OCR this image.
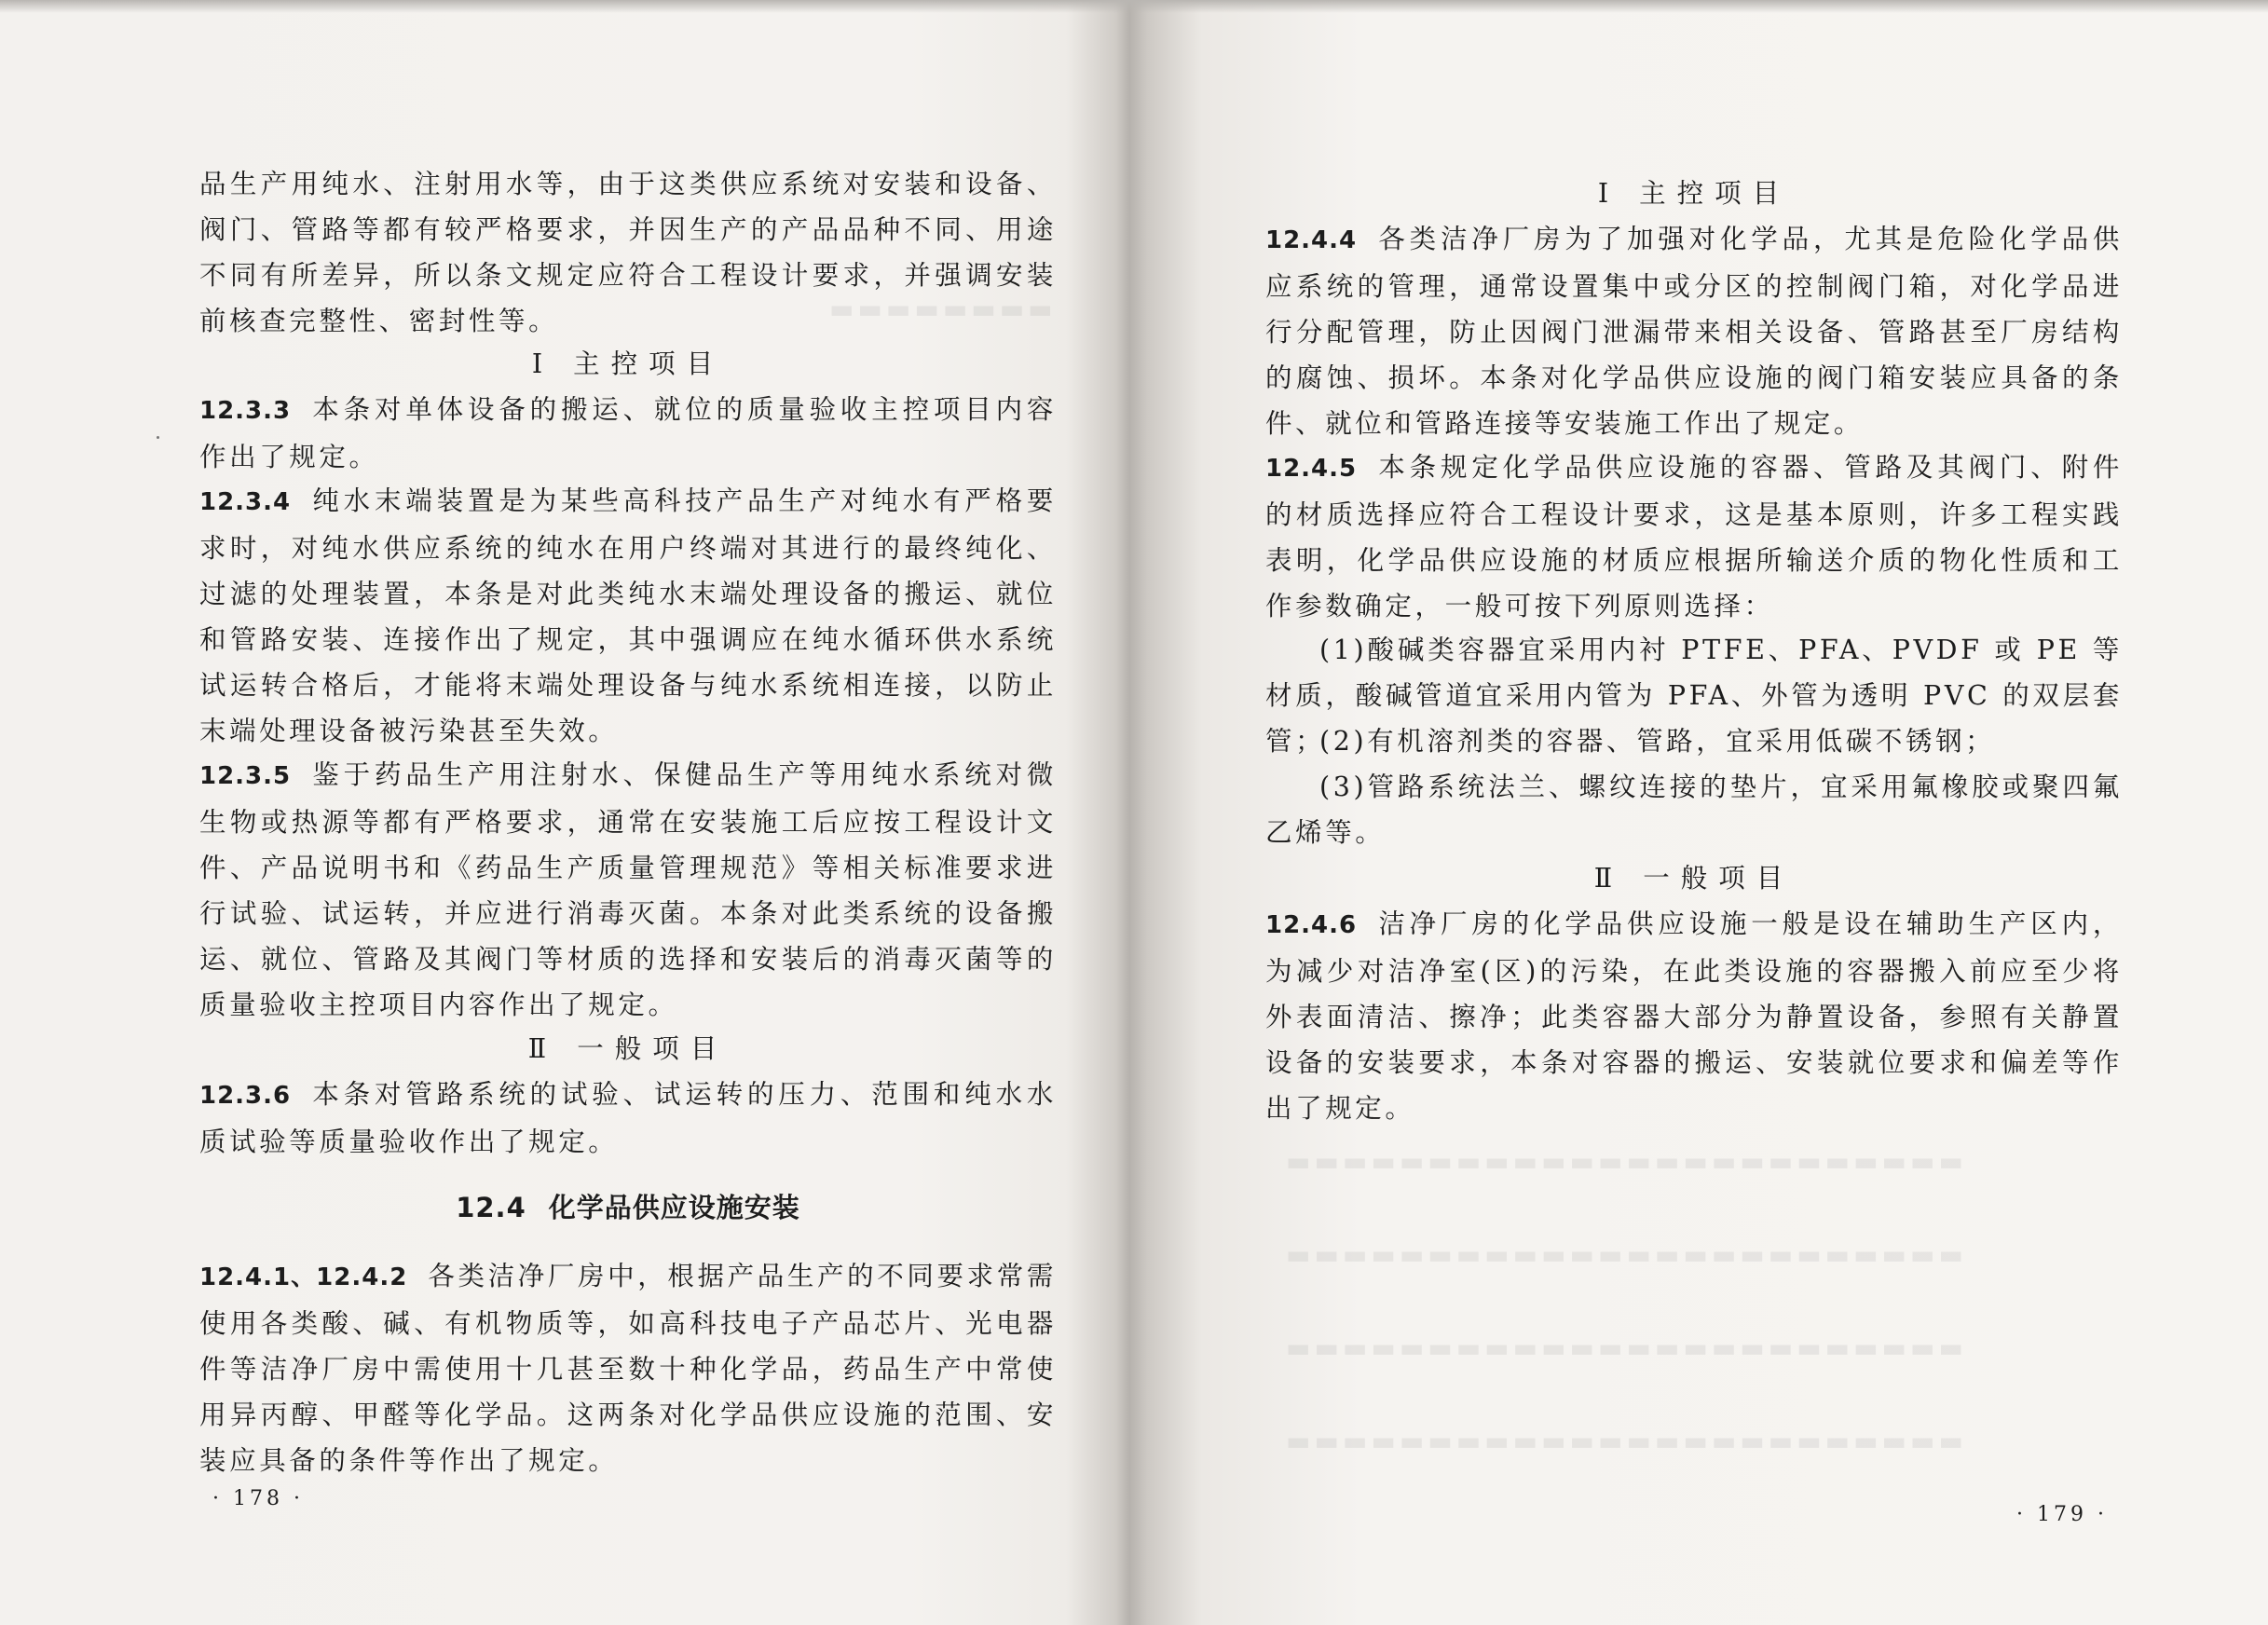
▬▬▬▬▬▬▬▬
▬▬▬▬▬▬▬▬▬▬▬▬▬▬▬▬▬▬▬▬▬▬▬▬
▬▬▬▬▬▬▬▬▬▬▬▬▬▬▬▬▬▬▬▬▬▬▬▬
▬▬▬▬▬▬▬▬▬▬▬▬▬▬▬▬▬▬▬▬▬▬▬▬
▬▬▬▬▬▬▬▬▬▬▬▬▬▬▬▬▬▬▬▬▬▬▬▬

品生产用纯水、注射用水等，由于这类供应系统对安装和设备、阀门、管路等都有较严格要求，并因生产的产品品种不同、用途不同有所差异，所以条文规定应符合工程设计要求，并强调安装前核查完整性、密封性等。

Ⅰ 主控项目

12.3.3 本条对单体设备的搬运、就位的质量验收主控项目内容作出了规定。

12.3.4 纯水末端装置是为某些高科技产品生产对纯水有严格要求时，对纯水供应系统的纯水在用户终端对其进行的最终纯化、过滤的处理装置，本条是对此类纯水末端处理设备的搬运、就位和管路安装、连接作出了规定，其中强调应在纯水循环供水系统试运转合格后，才能将末端处理设备与纯水系统相连接，以防止末端处理设备被污染甚至失效。

12.3.5 鉴于药品生产用注射水、保健品生产等用纯水系统对微生物或热源等都有严格要求，通常在安装施工后应按工程设计文件、产品说明书和《药品生产质量管理规范》等相关标准要求进行试验、试运转，并应进行消毒灭菌。本条对此类系统的设备搬运、就位、管路及其阀门等材质的选择和安装后的消毒灭菌等的质量验收主控项目内容作出了规定。

Ⅱ 一般项目

12.3.6 本条对管路系统的试验、试运转的压力、范围和纯水水质试验等质量验收作出了规定。

12.4 化学品供应设施安装

12.4.1、12.4.2 各类洁净厂房中，根据产品生产的不同要求常需使用各类酸、碱、有机物质等，如高科技电子产品芯片、光电器件等洁净厂房中需使用十几甚至数十种化学品，药品生产中常使用异丙醇、甲醛等化学品。这两条对化学品供应设施的范围、安装应具备的条件等作出了规定。

· 178 ·

Ⅰ 主控项目

12.4.4 各类洁净厂房为了加强对化学品，尤其是危险化学品供应系统的管理，通常设置集中或分区的控制阀门箱，对化学品进行分配管理，防止因阀门泄漏带来相关设备、管路甚至厂房结构的腐蚀、损坏。本条对化学品供应设施的阀门箱安装应具备的条件、就位和管路连接等安装施工作出了规定。

12.4.5 本条规定化学品供应设施的容器、管路及其阀门、附件的材质选择应符合工程设计要求，这是基本原则，许多工程实践表明，化学品供应设施的材质应根据所输送介质的物化性质和工作参数确定，一般可按下列原则选择：

(1)酸碱类容器宜采用内衬 PTFE、PFA、PVDF 或 PE 等材质，酸碱管道宜采用内管为 PFA、外管为透明 PVC 的双层套管；

(2)有机溶剂类的容器、管路，宜采用低碳不锈钢；

(3)管路系统法兰、螺纹连接的垫片，宜采用氟橡胶或聚四氟乙烯等。

Ⅱ 一般项目

12.4.6 洁净厂房的化学品供应设施一般是设在辅助生产区内，为减少对洁净室(区)的污染，在此类设施的容器搬入前应至少将外表面清洁、擦净；此类容器大部分为静置设备，参照有关静置设备的安装要求，本条对容器的搬运、安装就位要求和偏差等作出了规定。

· 179 ·
